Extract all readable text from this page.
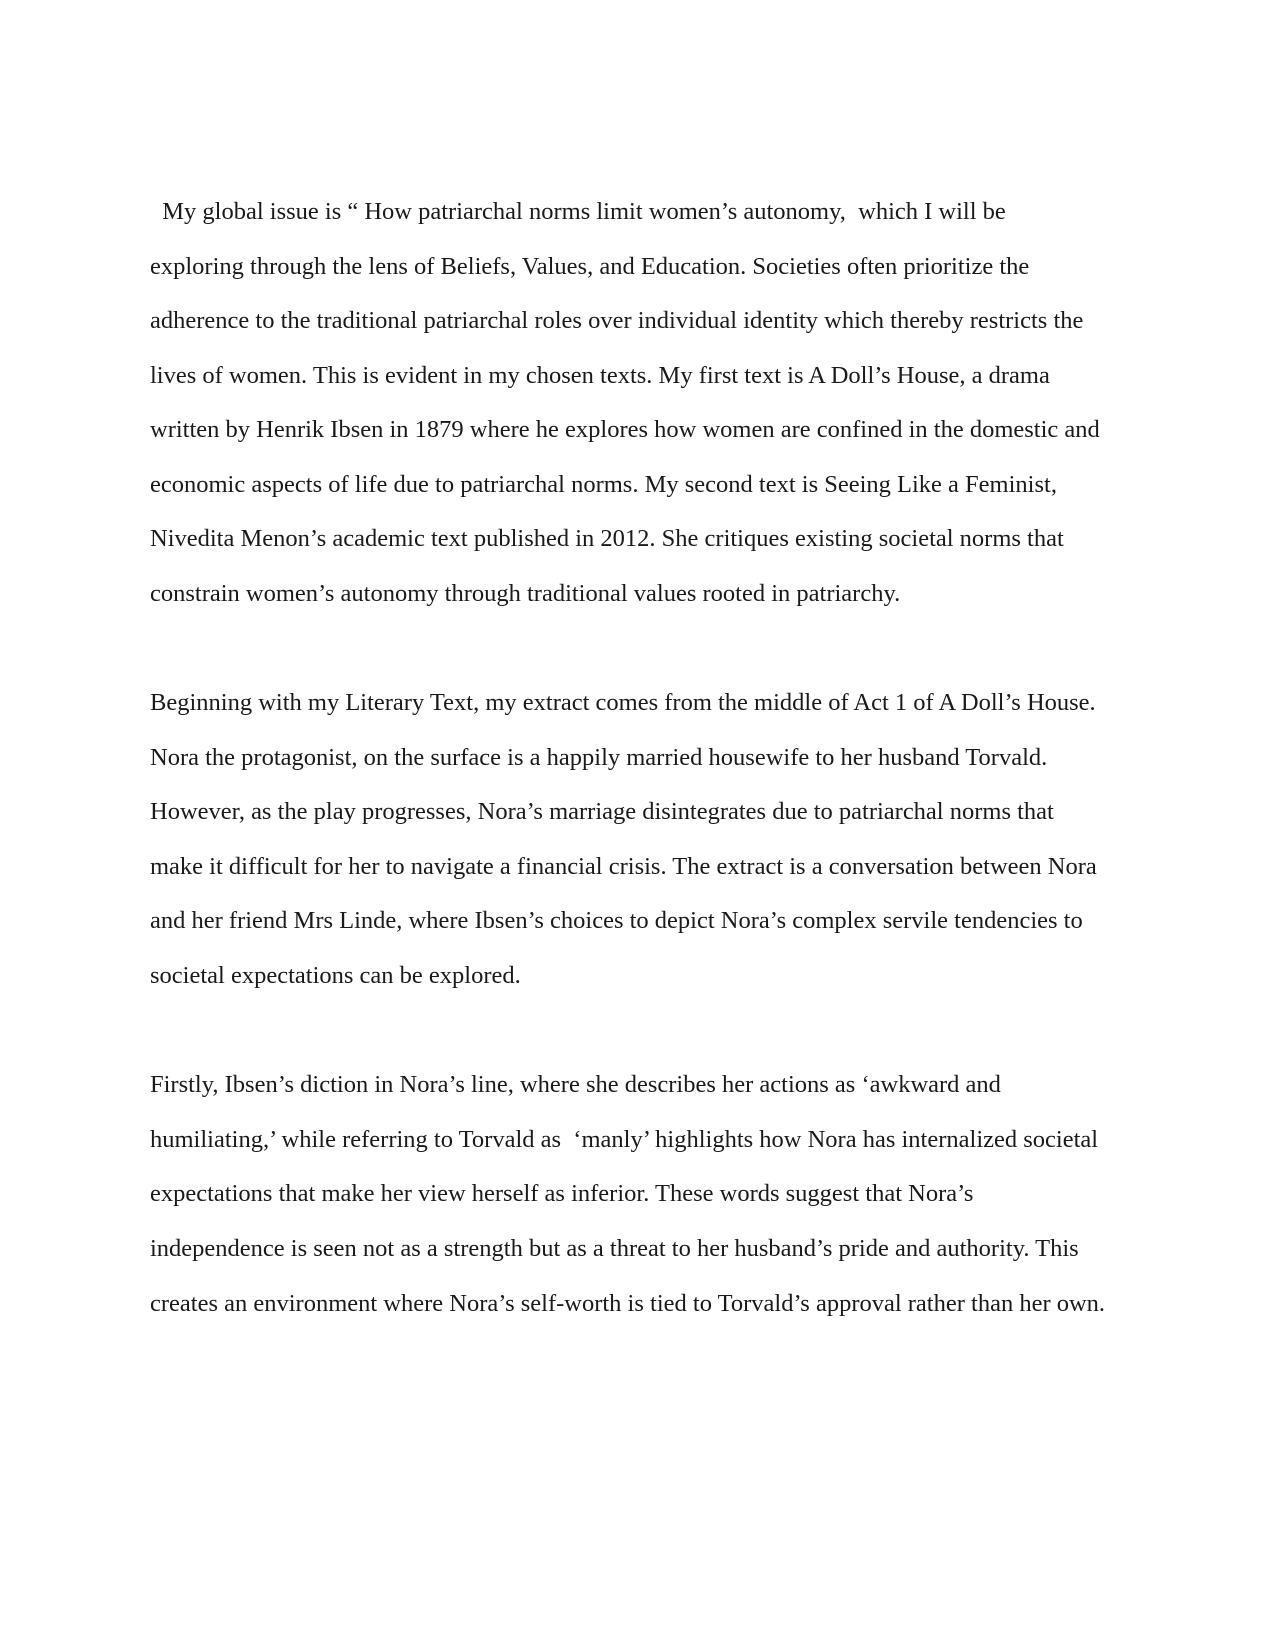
My global issue is “ How patriarchal norms limit women’s autonomy,  which I will be
exploring through the lens of Beliefs, Values, and Education. Societies often prioritize the
adherence to the traditional patriarchal roles over individual identity which thereby restricts the
lives of women. This is evident in my chosen texts. My first text is A Doll’s House, a drama
written by Henrik Ibsen in 1879 where he explores how women are confined in the domestic and
economic aspects of life due to patriarchal norms. My second text is Seeing Like a Feminist,
Nivedita Menon’s academic text published in 2012. She critiques existing societal norms that
constrain women’s autonomy through traditional values rooted in patriarchy.
Beginning with my Literary Text, my extract comes from the middle of Act 1 of A Doll’s House.
Nora the protagonist, on the surface is a happily married housewife to her husband Torvald.
However, as the play progresses, Nora’s marriage disintegrates due to patriarchal norms that
make it difficult for her to navigate a financial crisis. The extract is a conversation between Nora
and her friend Mrs Linde, where Ibsen’s choices to depict Nora’s complex servile tendencies to
societal expectations can be explored.
Firstly, Ibsen’s diction in Nora’s line, where she describes her actions as ‘awkward and
humiliating,’ while referring to Torvald as  ‘manly’ highlights how Nora has internalized societal
expectations that make her view herself as inferior. These words suggest that Nora’s
independence is seen not as a strength but as a threat to her husband’s pride and authority. This
creates an environment where Nora’s self-worth is tied to Torvald’s approval rather than her own.
